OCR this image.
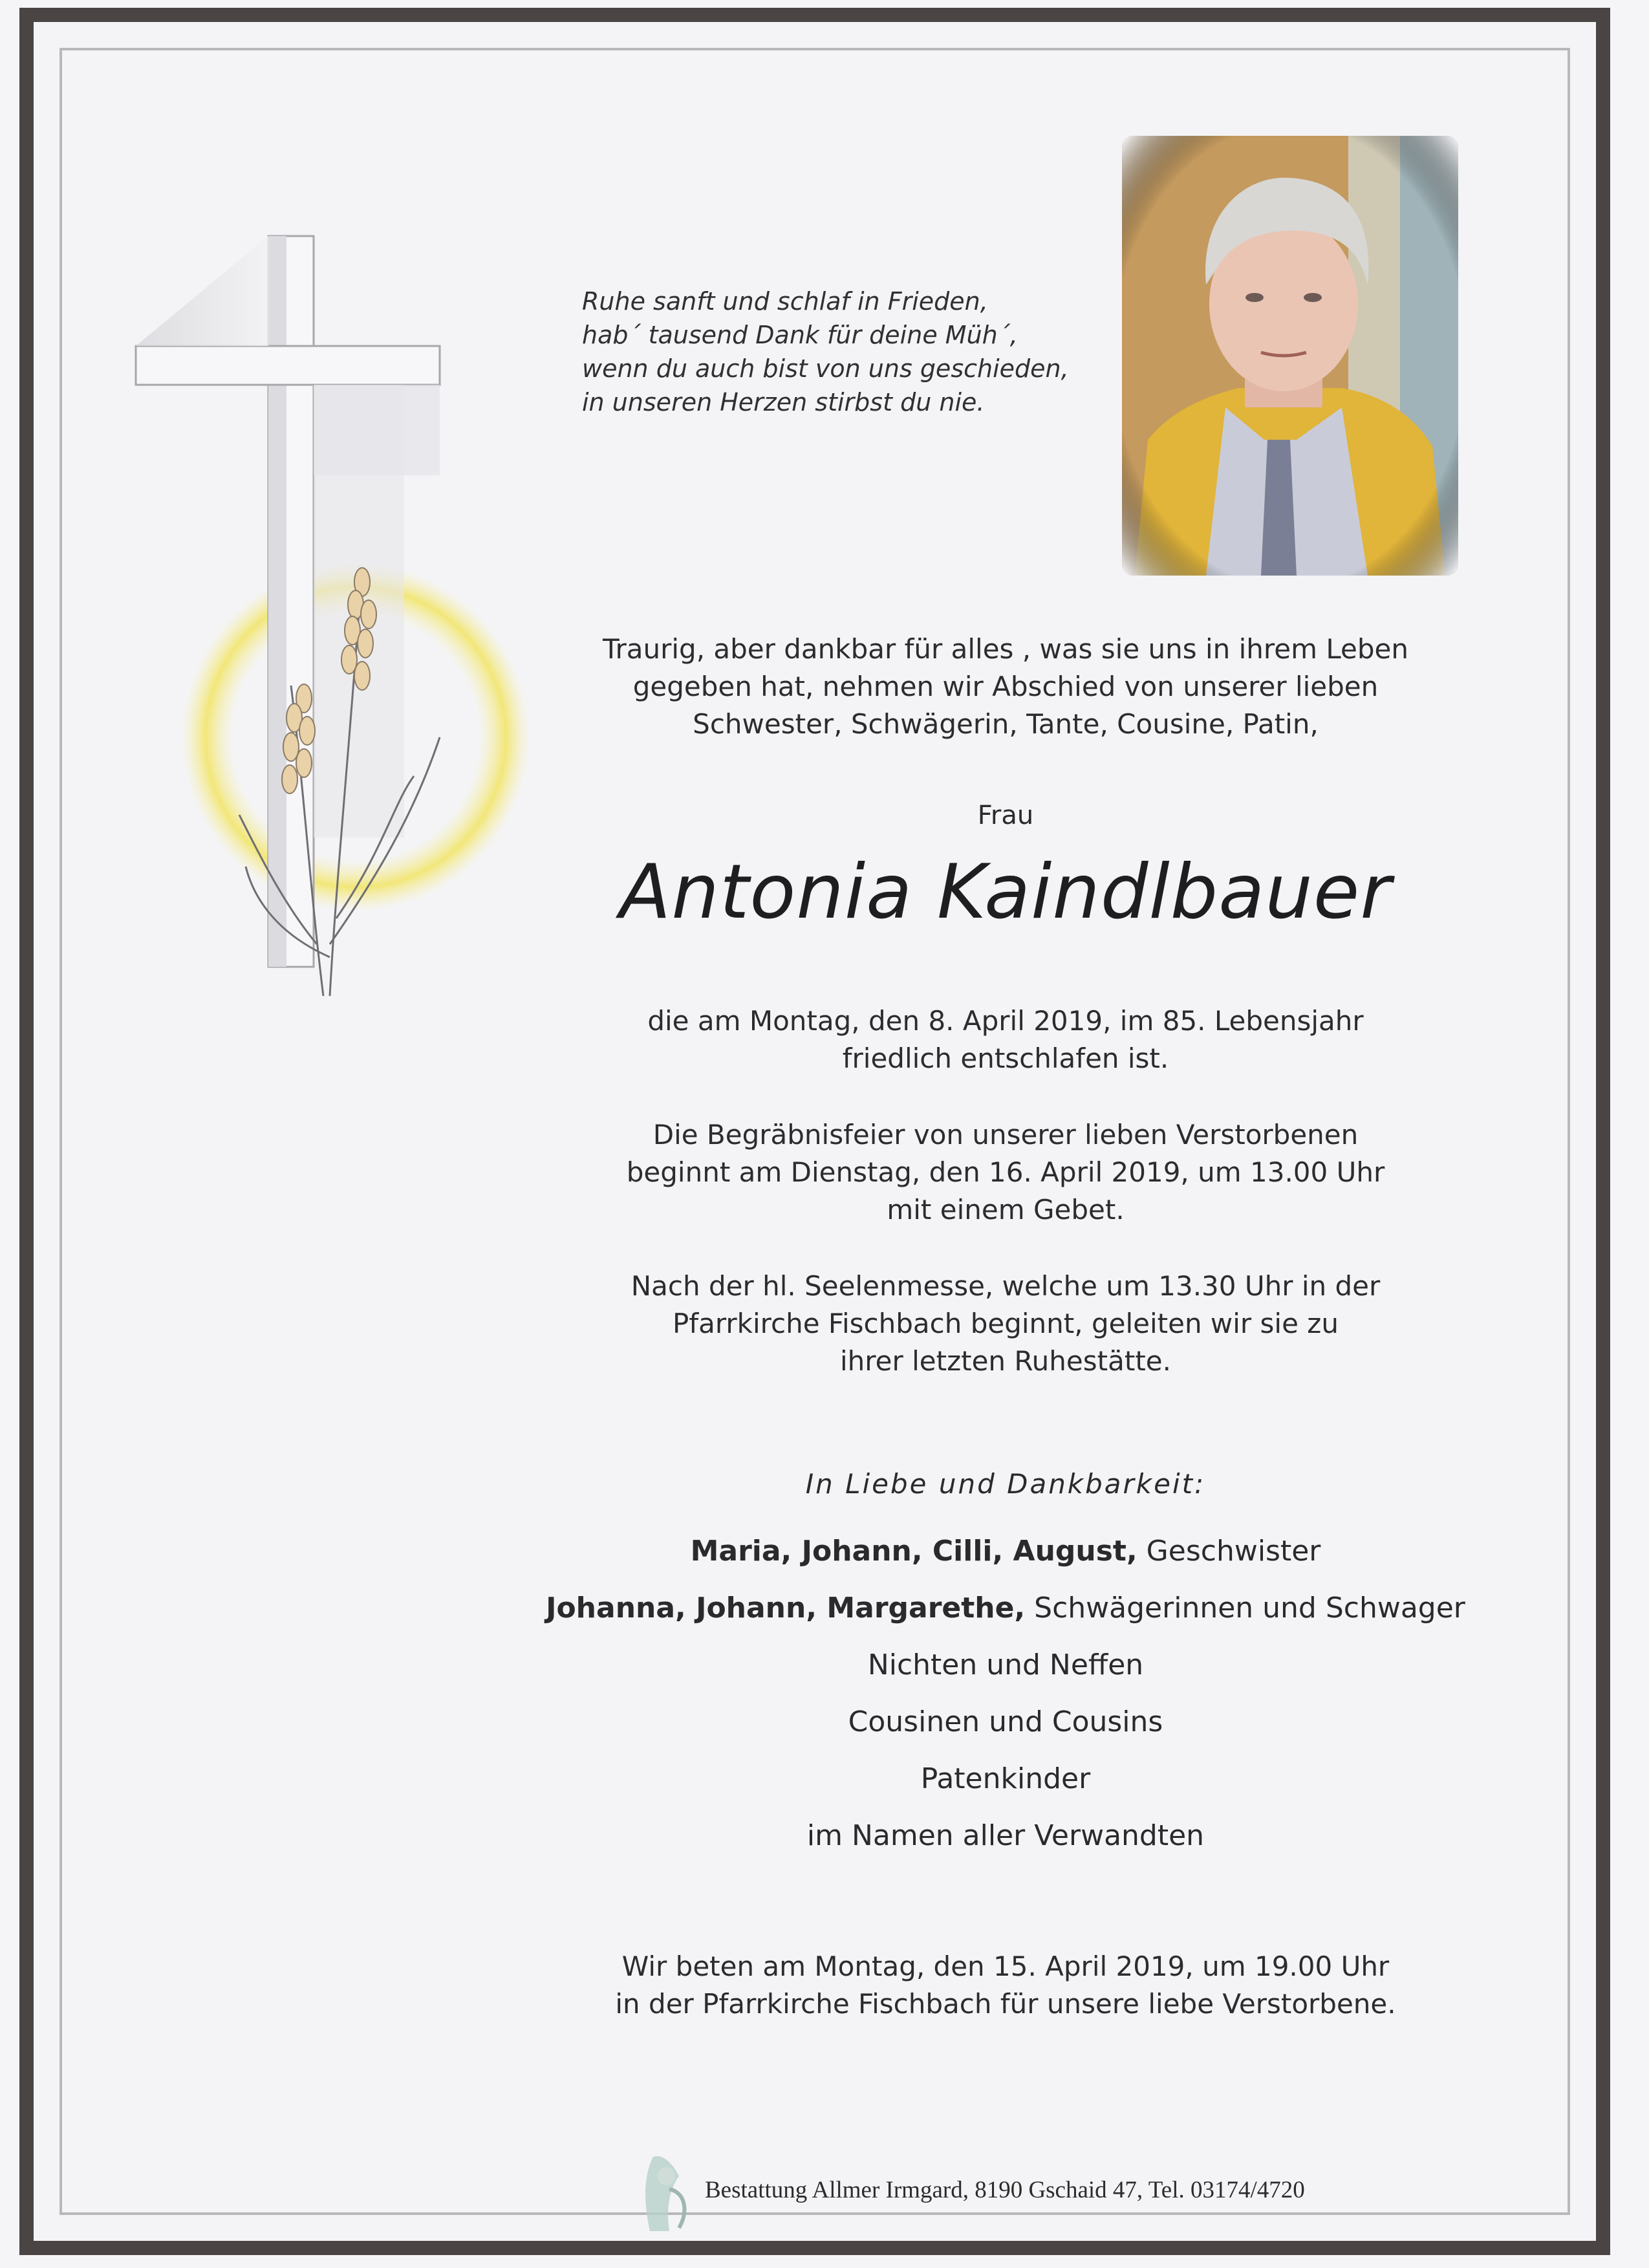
Ruhe sanft und schlaf in Frieden,
hab´ tausend Dank für deine Müh´,
wenn du auch bist von uns geschieden,
in unseren Herzen stirbst du nie.
Traurig, aber dankbar für alles , was sie uns in ihrem Leben
gegeben hat, nehmen wir Abschied von unserer lieben
Schwester, Schwägerin, Tante, Cousine, Patin,
Frau
Antonia Kaindlbauer
die am Montag, den 8. April 2019, im 85. Lebensjahr
friedlich entschlafen ist.
Die Begräbnisfeier von unserer lieben Verstorbenen
beginnt am Dienstag, den 16. April 2019, um 13.00 Uhr
mit einem Gebet.
Nach der hl. Seelenmesse, welche um 13.30 Uhr in der
Pfarrkirche Fischbach beginnt, geleiten wir sie zu
ihrer letzten Ruhestätte.
In Liebe und Dankbarkeit:
Maria, Johann, Cilli, August, Geschwister
Johanna, Johann, Margarethe, Schwägerinnen und Schwager
Nichten und Neffen
Cousinen und Cousins
Patenkinder
im Namen aller Verwandten
Wir beten am Montag, den 15. April 2019, um 19.00 Uhr
in der Pfarrkirche Fischbach für unsere liebe Verstorbene.
Bestattung Allmer Irmgard, 8190 Gschaid 47, Tel. 03174/4720
